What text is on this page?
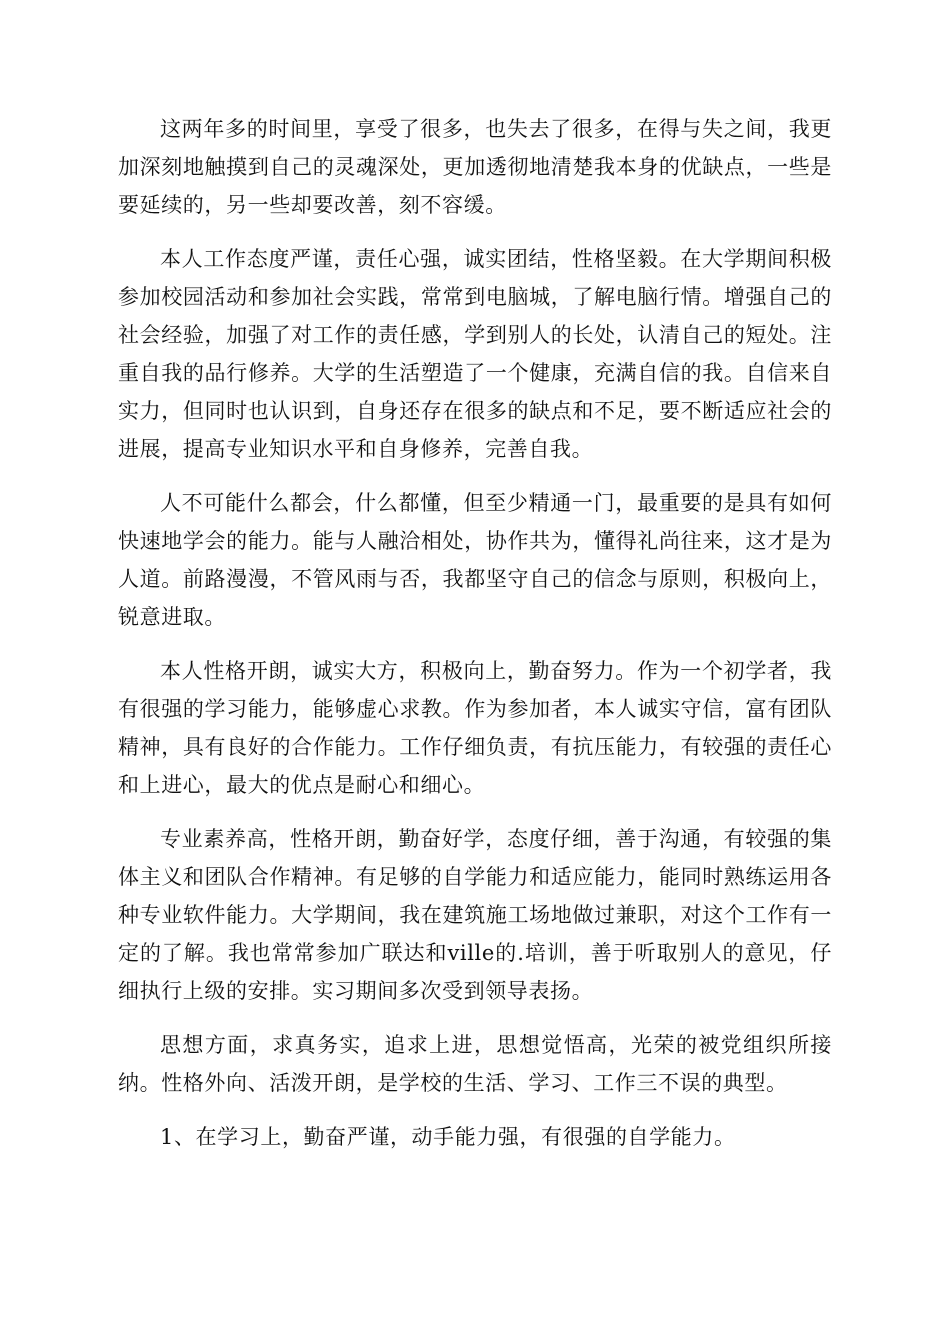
这两年多的时间里，享受了很多，也失去了很多，在得与失之间，我更加深刻地触摸到自己的灵魂深处，更加透彻地清楚我本身的优缺点，一些是要延续的，另一些却要改善，刻不容缓。

本人工作态度严谨，责任心强，诚实团结，性格坚毅。在大学期间积极参加校园活动和参加社会实践，常常到电脑城，了解电脑行情。增强自己的社会经验，加强了对工作的责任感，学到别人的长处，认清自己的短处。注重自我的品行修养。大学的生活塑造了一个健康，充满自信的我。自信来自实力，但同时也认识到，自身还存在很多的缺点和不足，要不断适应社会的进展，提高专业知识水平和自身修养，完善自我。

人不可能什么都会，什么都懂，但至少精通一门，最重要的是具有如何快速地学会的能力。能与人融洽相处，协作共为，懂得礼尚往来，这才是为人道。前路漫漫，不管风雨与否，我都坚守自己的信念与原则，积极向上，锐意进取。

本人性格开朗，诚实大方，积极向上，勤奋努力。作为一个初学者，我有很强的学习能力，能够虚心求教。作为参加者，本人诚实守信，富有团队精神，具有良好的合作能力。工作仔细负责，有抗压能力，有较强的责任心和上进心，最大的优点是耐心和细心。

专业素养高，性格开朗，勤奋好学，态度仔细，善于沟通，有较强的集体主义和团队合作精神。有足够的自学能力和适应能力，能同时熟练运用各种专业软件能力。大学期间，我在建筑施工场地做过兼职，对这个工作有一定的了解。我也常常参加广联达和ville的.培训，善于听取别人的意见，仔细执行上级的安排。实习期间多次受到领导表扬。

思想方面，求真务实，追求上进，思想觉悟高，光荣的被党组织所接纳。性格外向、活泼开朗，是学校的生活、学习、工作三不误的典型。

1、在学习上，勤奋严谨，动手能力强，有很强的自学能力。
